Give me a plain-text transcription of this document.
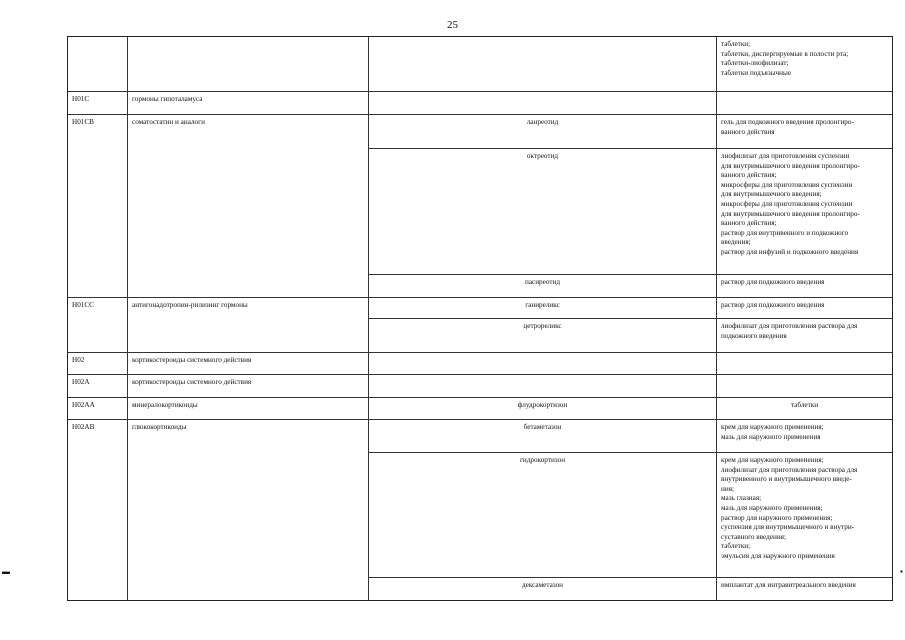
25
таблетки;
таблетки, диспергируемые в полости рта;
таблетки-лиофилизат;
таблетки подъязычные
H01C	гормоны гипоталамуса
H01CB	соматостатин и аналоги	ланреотид	гель для подкожного введения пролонгиро-
ванного действия
октреотид	лиофилизат для приготовления суспензии
для внутримышечного введения пролонгиро-
ванного действия;
микросферы для приготовления суспензии
для внутримышечного введения;
микросферы для приготовления суспензии
для внутримышечного введения пролонгиро-
ванного действия;
раствор для внутривенного и подкожного
введения;
раствор для инфузий и подкожного введения
пасиреотид	раствор для подкожного введения
H01CC	антигонадотропин-рилизинг гормоны	ганиреликс	раствор для подкожного введения
цетрореликс	лиофилизат для приготовления раствора для
подкожного введения
H02	кортикостероиды системного действия
H02A	кортикостероиды системного действия
H02AA	минералокортикоиды	флудрокортизон	таблетки
H02AB	глюкокортикоиды	бетаметазон	крем для наружного применения;
мазь для наружного применения
гидрокортизон	крем для наружного применения;
лиофилизат для приготовления раствора для
внутривенного и внутримышечного введе-
ния;
мазь глазная;
мазь для наружного применения;
раствор для наружного применения;
суспензия для внутримышечного и внутри-
суставного введения;
таблетки;
эмульсия для наружного применения
дексаметазон	имплантат для интравитреального введения
▬	▪
